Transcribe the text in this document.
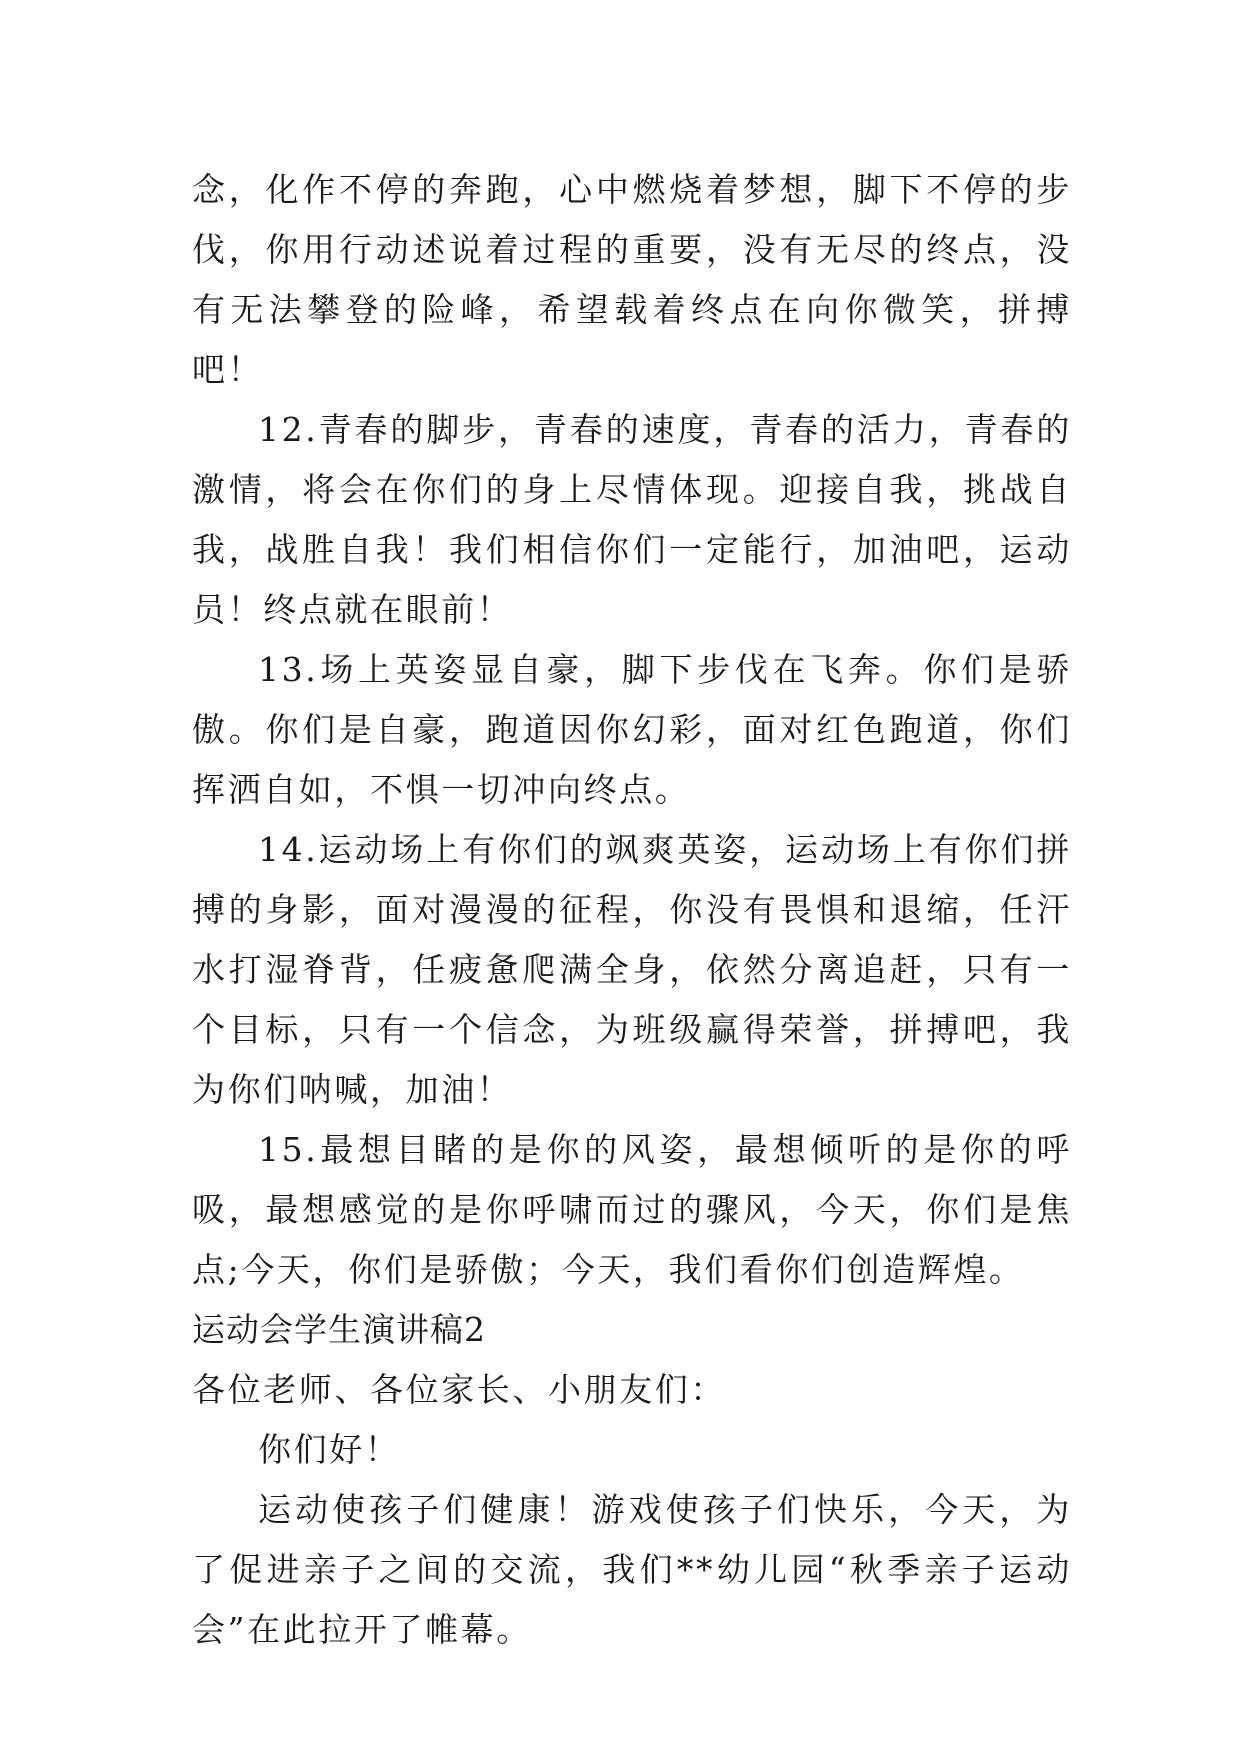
念，化作不停的奔跑，心中燃烧着梦想，脚下不停的步伐，你用行动述说着过程的重要，没有无尽的终点，没有无法攀登的险峰，希望载着终点在向你微笑，拼搏吧！

12.青春的脚步，青春的速度，青春的活力，青春的激情，将会在你们的身上尽情体现。迎接自我，挑战自我，战胜自我！我们相信你们一定能行，加油吧，运动员！终点就在眼前！

13.场上英姿显自豪，脚下步伐在飞奔。你们是骄傲。你们是自豪，跑道因你幻彩，面对红色跑道，你们挥洒自如，不惧一切冲向终点。

14.运动场上有你们的飒爽英姿，运动场上有你们拼搏的身影，面对漫漫的征程，你没有畏惧和退缩，任汗水打湿脊背，任疲惫爬满全身，依然分离追赶，只有一个目标，只有一个信念，为班级赢得荣誉，拼搏吧，我为你们呐喊，加油！

15.最想目睹的是你的风姿，最想倾听的是你的呼吸，最想感觉的是你呼啸而过的骤风，今天，你们是焦点;今天，你们是骄傲；今天，我们看你们创造辉煌。

运动会学生演讲稿2

各位老师、各位家长、小朋友们：

你们好！

运动使孩子们健康！游戏使孩子们快乐，今天，为了促进亲子之间的交流，我们**幼儿园“秋季亲子运动会”在此拉开了帷幕。
